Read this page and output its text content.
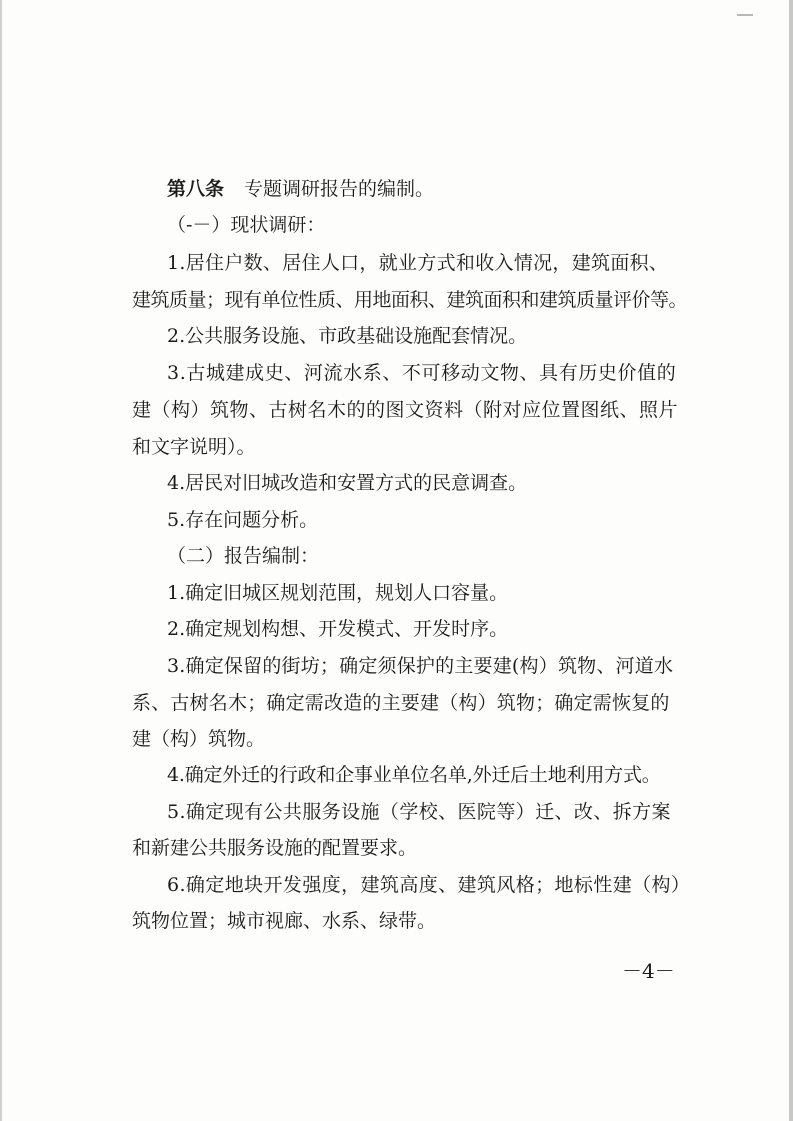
第八条 专题调研报告的编制。
（-－）现状调研：
1.居住户数、居住人口，就业方式和收入情况，建筑面积、
建筑质量；现有单位性质、用地面积、建筑面积和建筑质量评价等。
2.公共服务设施、市政基础设施配套情况。
3.古城建成史、河流水系、不可移动文物、具有历史价值的
建（构）筑物、古树名木的的图文资料（附对应位置图纸、照片
和文字说明）。
4.居民对旧城改造和安置方式的民意调查。
5.存在问题分析。
（二）报告编制：
1.确定旧城区规划范围，规划人口容量。
2.确定规划构想、开发模式、开发时序。
3.确定保留的街坊；确定须保护的主要建(构）筑物、河道水
系、古树名木；确定需改造的主要建（构）筑物；确定需恢复的
建（构）筑物。
4.确定外迁的行政和企事业单位名单,外迁后土地利用方式。
5.确定现有公共服务设施（学校、医院等）迁、改、拆方案
和新建公共服务设施的配置要求。
6.确定地块开发强度，建筑高度、建筑风格；地标性建（构）
筑物位置；城市视廊、水系、绿带。
－4－
